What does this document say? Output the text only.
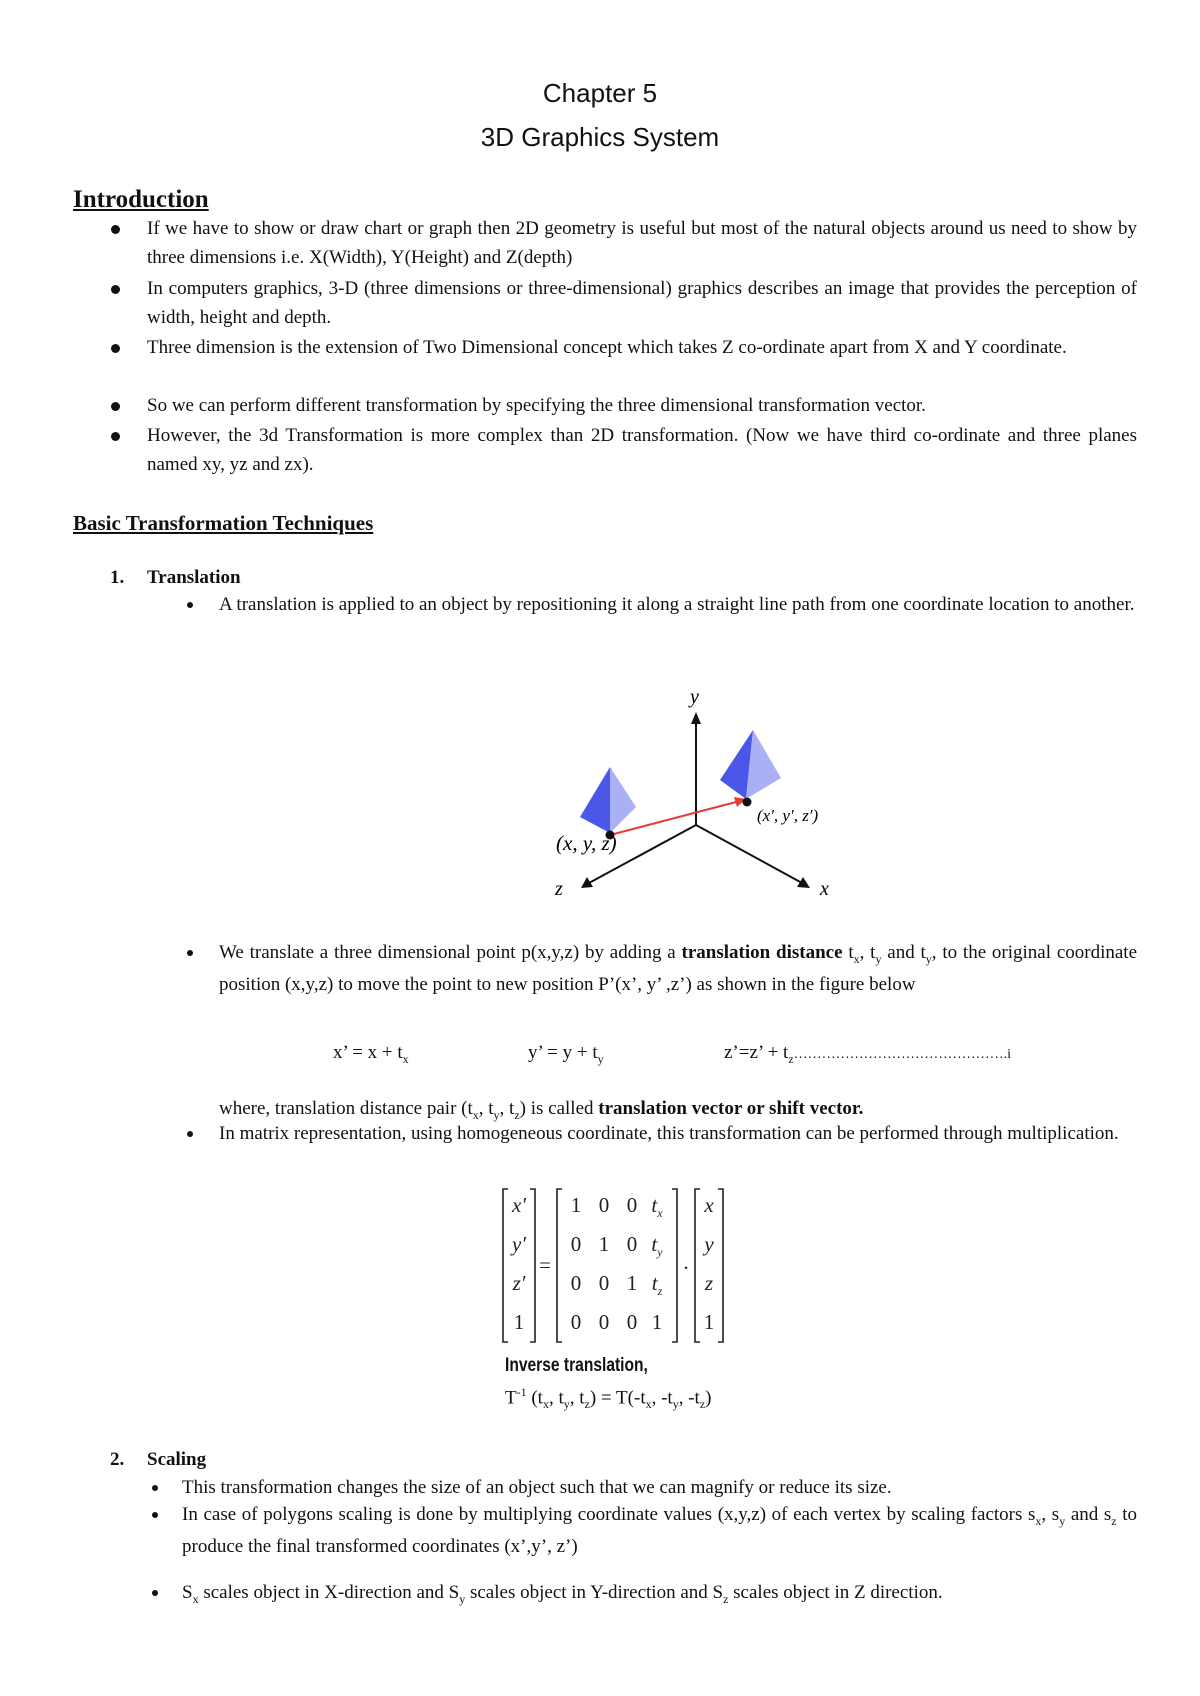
Chapter 5
3D Graphics System
Introduction
If we have to show or draw chart or graph then 2D geometry is useful but most of the natural objects around us need to show by three dimensions i.e. X(Width), Y(Height) and Z(depth)
In computers graphics, 3-D (three dimensions or three-dimensional) graphics describes an image that provides the perception of width, height and depth.
Three dimension is the extension of Two Dimensional concept which takes Z co-ordinate apart from X and Y coordinate.
So we can perform different transformation by specifying the three dimensional transformation vector.
However, the 3d Transformation is more complex than 2D transformation. (Now we have third co-ordinate and three planes named xy, yz and zx).
Basic Transformation Techniques
1. Translation
A translation is applied to an object by repositioning it along a straight line path from one coordinate location to another.
y
x
z
(x, y, z)
(x′, y′, z′)
We translate a three dimensional point p(x,y,z) by adding a translation distance $t_x$, $t_y$ and $t_y$, to the original coordinate position (x,y,z) to move the point to new position P’(x’, y’ ,z’) as shown in the figure below
x’ = $x + t_x$	y’ = $y + t_y$	z’=z’ + $t_z\dots\dots\dots\dots\dots\dots\dots\dots\dots\dots\dots\dots\dots\dots\dots.i$
where, translation distance pair ($t_x$, $t_y$, $t_z$) is called translation vector or shift vector.
In matrix representation, using homogeneous coordinate, this transformation can be performed through multiplication.
x′
y′
z′
1
=
1 0 0 $t_x$
0 1 0 $t_y$
0 0 1 $t_z$
0 0 0 1
.
x
y
z
1
Inverse translation,
$T^{-1}$ ($t_x$, $t_y$, $t_z) = T(-t_x$, $-t_y$, $-t_z$)
2. Scaling
This transformation changes the size of an object such that we can magnify or reduce its size.
In case of polygons scaling is done by multiplying coordinate values (x,y,z) of each vertex by scaling factors $s_x$, $s_y$ and $s_z$ to produce the final transformed coordinates (x’,y’, z’)
$S_x$ scales object in X-direction and $S_y$ scales object in Y-direction and $S_z$ scales object in Z direction.
